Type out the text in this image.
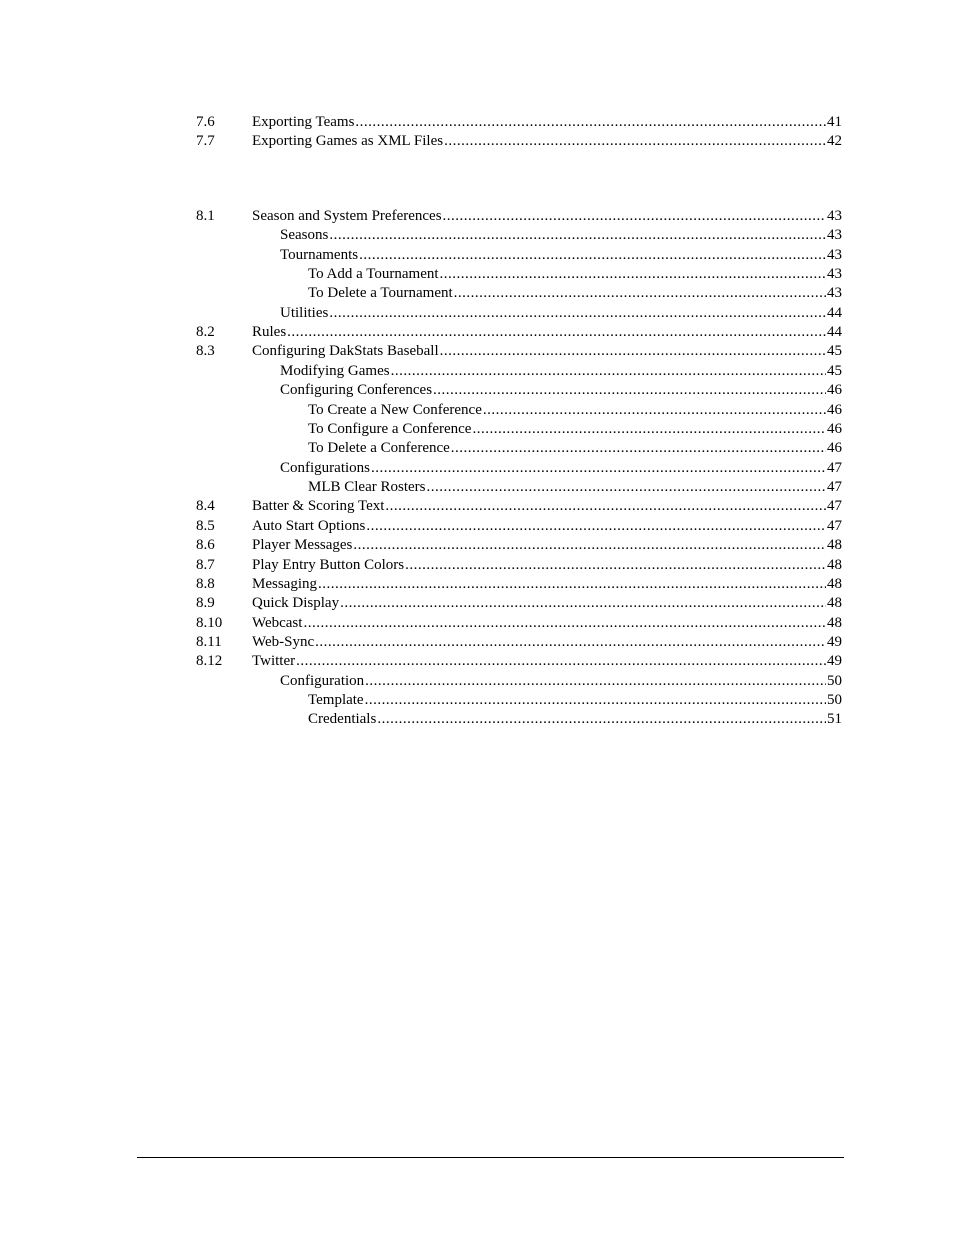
7.6 Exporting Teams .....	41
7.7 Exporting Games as XML Files .....	42
8.1 Season and System Preferences .....	43
Seasons .....	43
Tournaments .....	43
To Add a Tournament .....	43
To Delete a Tournament .....	43
Utilities .....	44
8.2 Rules .....	44
8.3 Configuring DakStats Baseball .....	45
Modifying Games .....	45
Configuring Conferences .....	46
To Create a New Conference .....	46
To Configure a Conference .....	46
To Delete a Conference .....	46
Configurations .....	47
MLB Clear Rosters .....	47
8.4 Batter & Scoring Text .....	47
8.5 Auto Start Options .....	47
8.6 Player Messages .....	48
8.7 Play Entry Button Colors .....	48
8.8 Messaging .....	48
8.9 Quick Display .....	48
8.10 Webcast .....	48
8.11 Web-Sync .....	49
8.12 Twitter .....	49
Configuration .....	50
Template .....	50
Credentials .....	51
